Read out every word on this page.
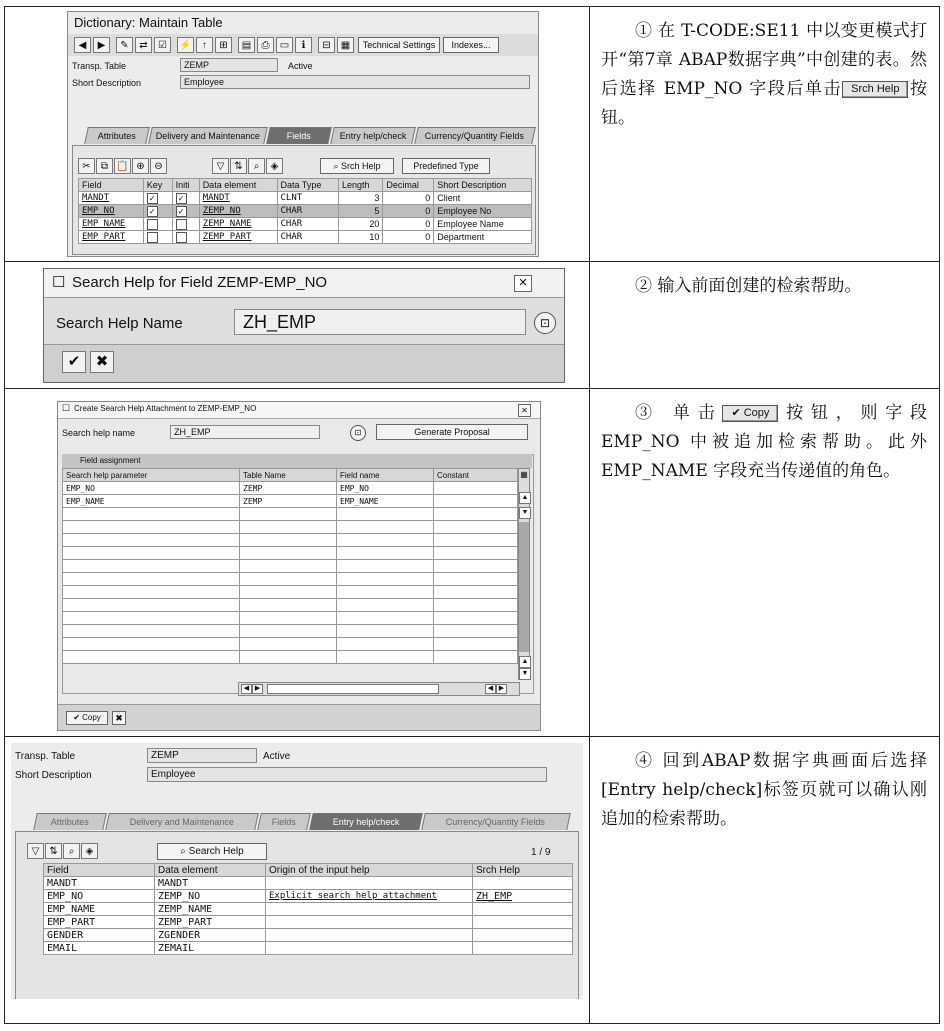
Dictionary: Maintain Table
◀	▶	✎	⇄	☑	⚡	↑	⊞	▤	⎙	▭	ℹ	⊟	▦	Technical Settings	Indexes...
Transp. Table	ZEMP	Active
Short Description	Employee
Attributes	Delivery and Maintenance	Fields	Entry help/check	Currency/Quantity Fields
✂	⧉ 📋 ⊕ ⊖	▽ ⇅	⌕	◈	⌕ Srch Help	Predefined Type
Field	Key	Initi	Data element	Data Type	Length	Decimal	Short Description
MANDT	✓	✓	MANDT	CLNT	3	0	Client
EMP_NO	✓	✓	ZEMP_NO	CHAR	5	0	Employee No
EMP_NAME			ZEMP_NAME	CHAR	20	0	Employee Name
EMP_PART			ZEMP_PART	CHAR	10	0	Department
① 在 T-CODE:SE11 中以变更模式打开“第7章 ABAP数据字典”中创建的表。然后选择 EMP_NO 字段后单击 Srch Help 按钮。
☐ Search Help for Field ZEMP-EMP_NO	✕
Search Help Name	ZH_EMP	⊡
✔	✖
② 输入前面创建的检索帮助。
☐ Create Search Help Attachment to ZEMP-EMP_NO	✕
Search help name	ZH_EMP	⊡	Generate Proposal
Field assignment
Search help parameter	Table Name	Field name	Constant
EMP_NO	ZEMP	EMP_NO	
EMP_NAME	ZEMP	EMP_NAME	

▦
▲
▼
▲
▼
◀ ▶	◀ ▶
✔ Copy	✖
③ 单击 ✔ Copy 按钮，则字段 EMP_NO 中被追加检索帮助。此外 EMP_NAME 字段充当传递值的角色。
Transp. Table	ZEMP	Active
Short Description	Employee
Attributes	Delivery and Maintenance	Fields	Entry help/check	Currency/Quantity Fields
▽ ⇅	⌕	◈	⌕ Search Help	1 / 9
Field	Data element	Origin of the input help	Srch Help
MANDT	MANDT		
EMP_NO	ZEMP_NO	Explicit search help attachment	ZH_EMP
EMP_NAME	ZEMP_NAME		
EMP_PART	ZEMP_PART		
GENDER	ZGENDER		
EMAIL	ZEMAIL		
④ 回到ABAP数据字典画面后选择[Entry help/check]标签页就可以确认刚追加的检索帮助。
